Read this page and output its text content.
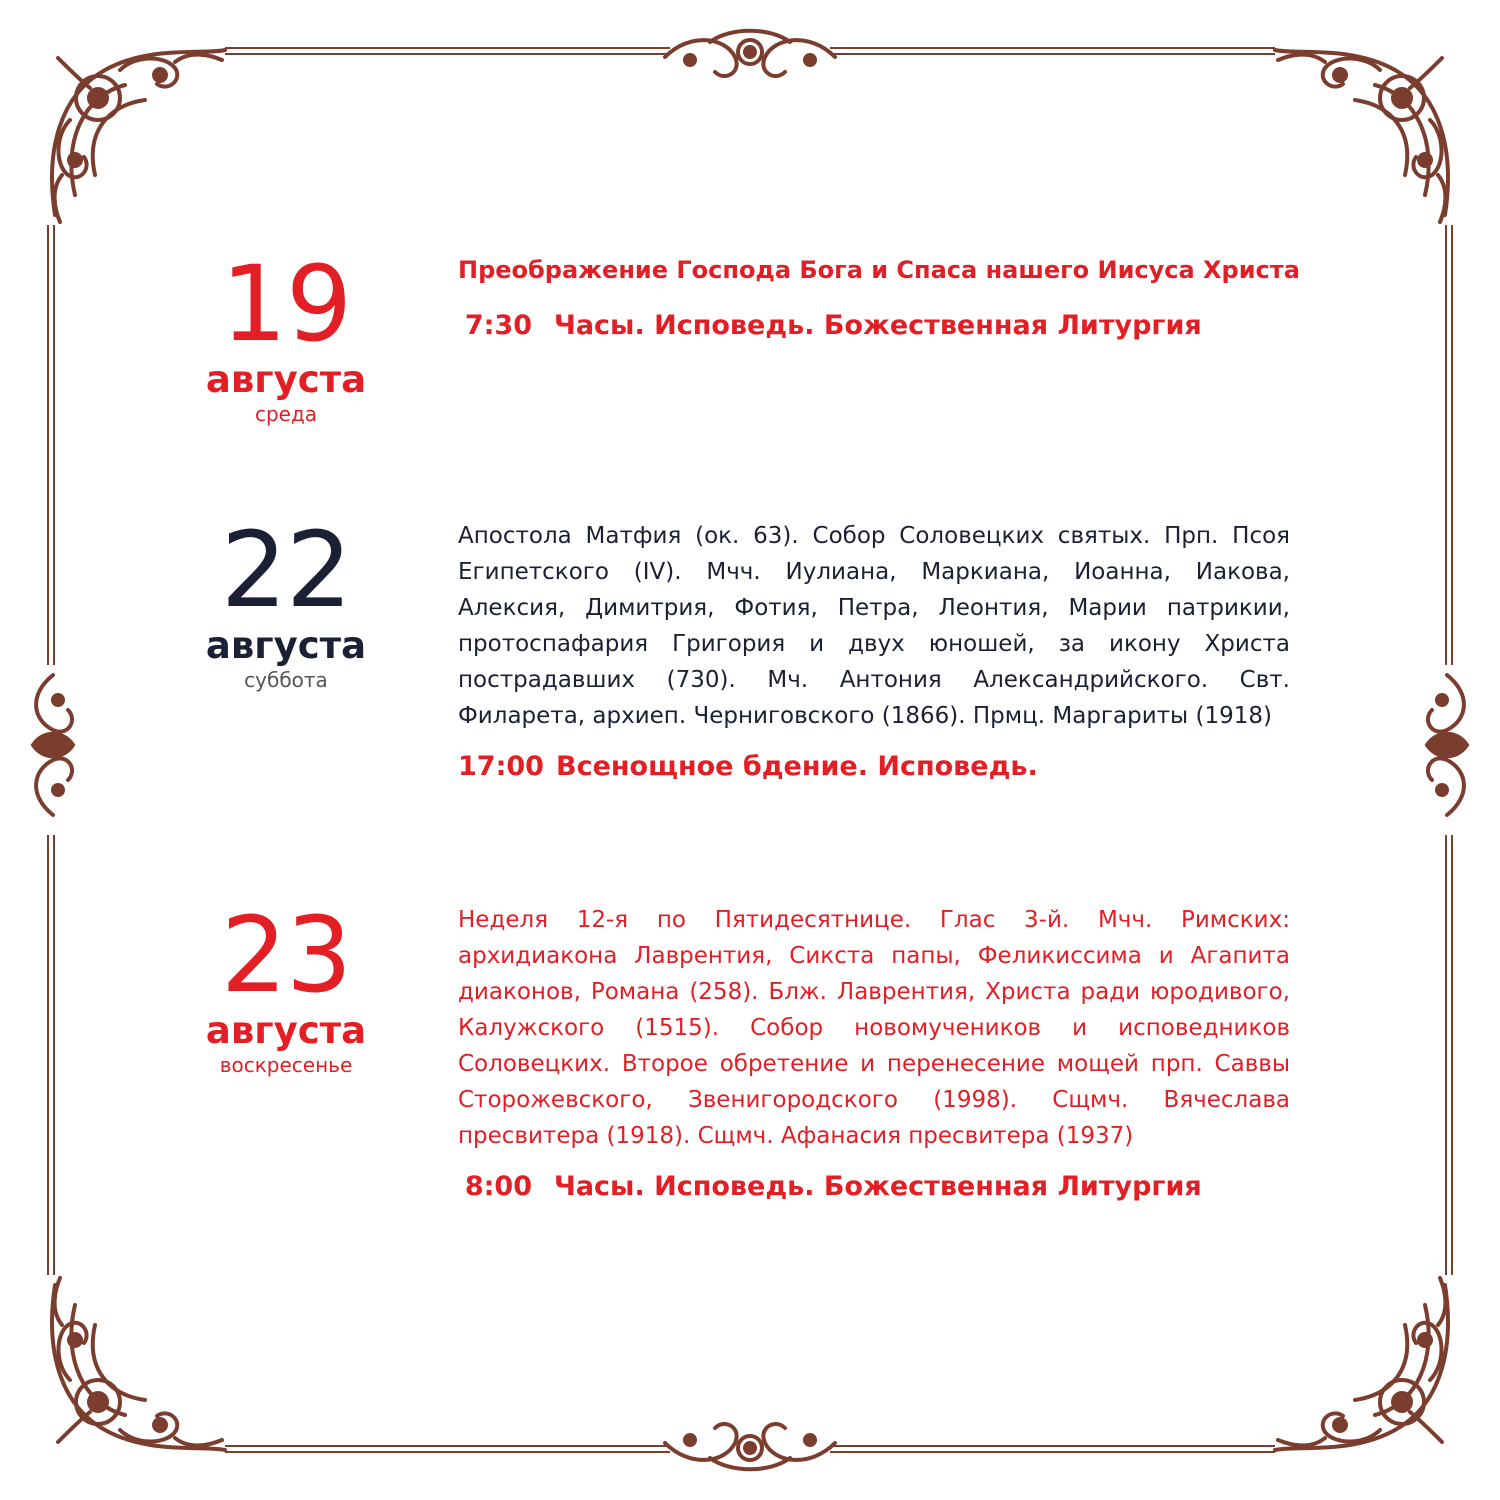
19
августа
среда
Преображение Господа Бога и Спаса нашего Иисуса Христа
7:30 Часы. Исповедь. Божественная Литургия
22
августа
суббота
Апостола Матфия (ок. 63). Собор Соловецких святых. Прп. Псоя Египетского (IV). Мчч. Иулиана, Маркиана, Иоанна, Иакова, Алексия, Димитрия, Фотия, Петра, Леонтия, Марии патрикии, протоспафария Григория и двух юношей, за икону Христа пострадавших (730). Мч. Антония Александрийского. Свт. Филарета, архиеп. Черниговского (1866). Прмц. Маргариты (1918)
17:00 Всенощное бдение. Исповедь.
23
августа
воскресенье
Неделя 12-я по Пятидесятнице. Глас 3-й. Мчч. Римских: архидиакона Лаврентия, Сикста папы, Феликиссима и Агапита диаконов, Романа (258). Блж. Лаврентия, Христа ради юродивого, Калужского (1515). Собор новомучеников и исповедников Соловецких. Второе обретение и перенесение мощей прп. Саввы Сторожевского, Звенигородского (1998). Сщмч. Вячеслава пресвитера (1918). Сщмч. Афанасия пресвитера (1937)
8:00 Часы. Исповедь. Божественная Литургия
